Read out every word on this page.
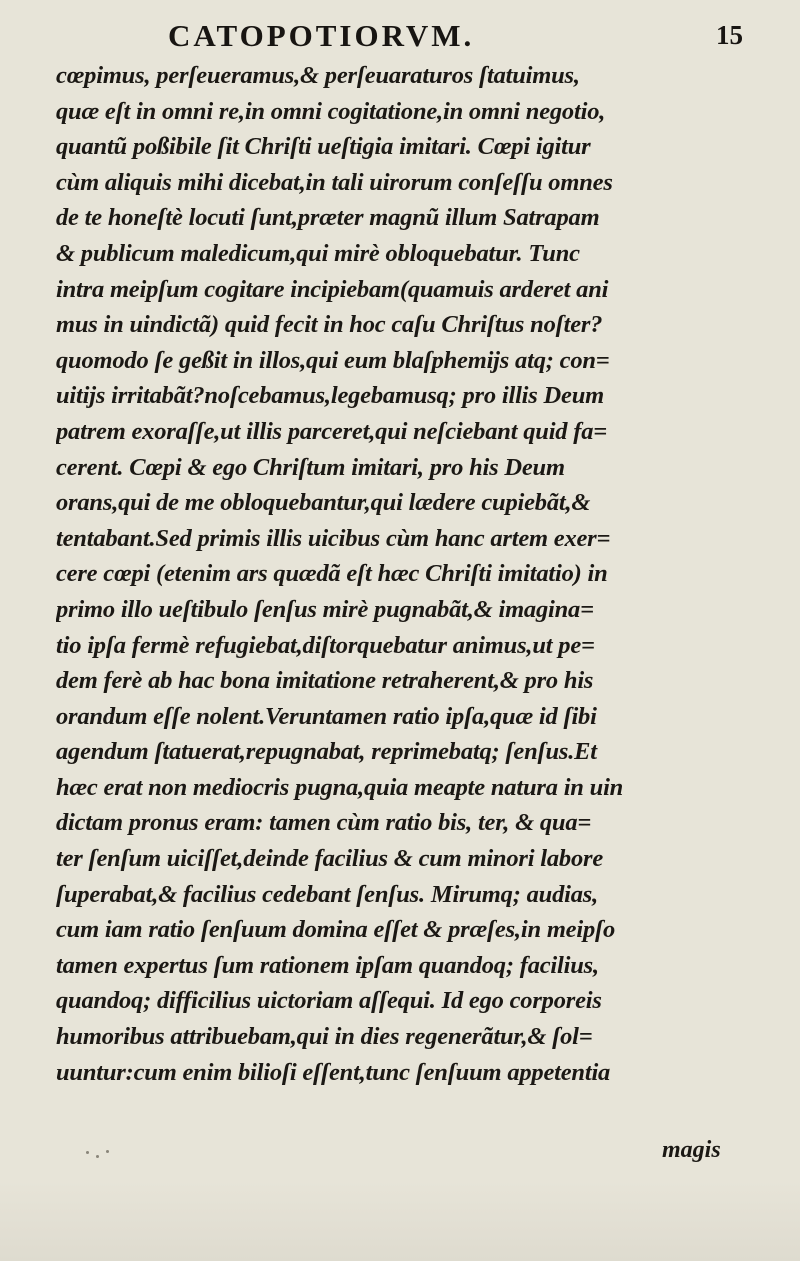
CATOPOTIORVM.	15
cœpimus, perſeueramus,& perſeuaraturos ſtatuimus,
quæ eſt in omni re,in omni cogitatione,in omni negotio,
quantũ poßibile ſit Chriſti ueſtigia imitari. Cœpi igitur
cùm aliquis mihi dicebat,in tali uirorum conſeſſu omnes
de te honeſtè locuti ſunt,præter magnũ illum Satrapam
& publicum maledicum,qui mirè obloquebatur. Tunc
intra meipſum cogitare incipiebam(quamuis arderet ani
mus in uindictã) quid fecit in hoc caſu Chriſtus noſter?
quomodo ſe geßit in illos,qui eum blaſphemijs atq; con=
uitijs irritabãt?noſcebamus,legebamusq; pro illis Deum
patrem exoraſſe,ut illis parceret,qui neſciebant quid fa=
cerent. Cœpi & ego Chriſtum imitari, pro his Deum
orans,qui de me obloquebantur,qui lædere cupiebãt,&
tentabant.Sed primis illis uicibus cùm hanc artem exer=
cere cœpi (etenim ars quædã eſt hæc Chriſti imitatio) in
primo illo ueſtibulo ſenſus mirè pugnabãt,& imagina=
tio ipſa fermè refugiebat,diſtorquebatur animus,ut pe=
dem ferè ab hac bona imitatione retraherent,& pro his
orandum eſſe nolent.Veruntamen ratio ipſa,quæ id ſibi
agendum ſtatuerat,repugnabat, reprimebatq; ſenſus.Et
hæc erat non mediocris pugna,quia meapte natura in uin
dictam pronus eram: tamen cùm ratio bis, ter, & qua=
ter ſenſum uiciſſet,deinde facilius & cum minori labore
ſuperabat,& facilius cedebant ſenſus. Mirumq; audias,
cum iam ratio ſenſuum domina eſſet & præſes,in meipſo
tamen expertus ſum rationem ipſam quandoq; facilius,
quandoq; difficilius uictoriam aſſequi. Id ego corporeis
humoribus attribuebam,qui in dies regenerãtur,& ſol=
uuntur:cum enim bilioſi eſſent,tunc ſenſuum appetentia
magis
